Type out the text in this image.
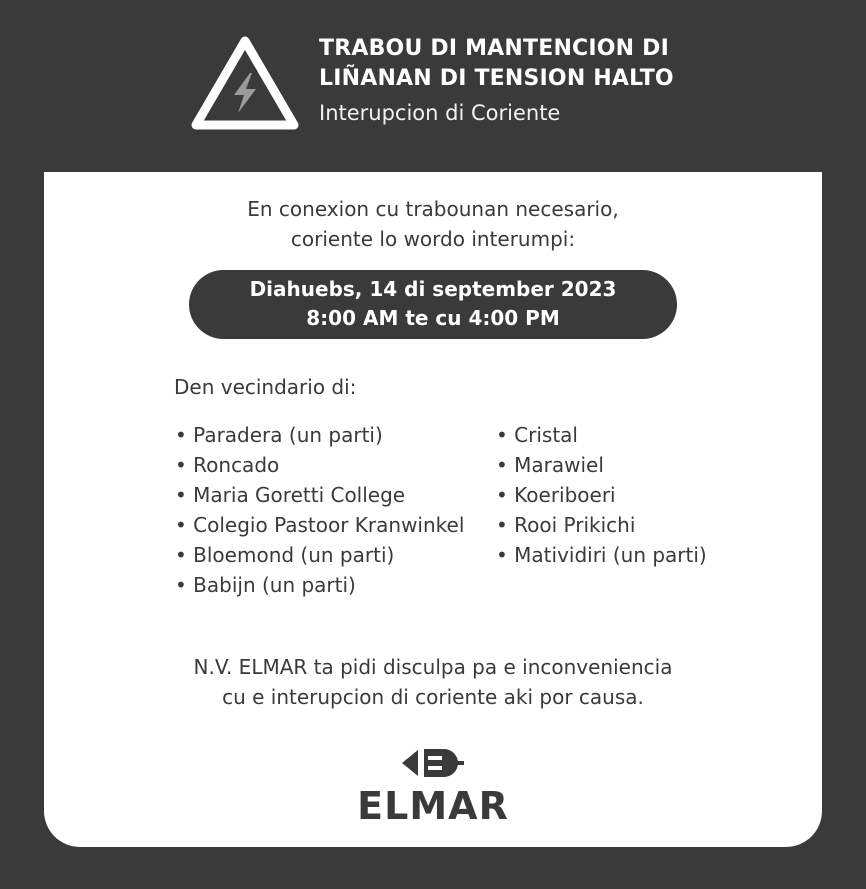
TRABOU DI MANTENCION DI
LIÑANAN DI TENSION HALTO
Interupcion di Coriente
En conexion cu trabounan necesario,
coriente lo wordo interumpi:
Diahuebs, 14 di september 2023
8:00 AM te cu 4:00 PM
Den vecindario di:
• Paradera (un parti)
• Roncado
• Maria Goretti College
• Colegio Pastoor Kranwinkel
• Bloemond (un parti)
• Babijn (un parti)
• Cristal
• Marawiel
• Koeriboeri
• Rooi Prikichi
• Matividiri (un parti)
N.V. ELMAR ta pidi disculpa pa e inconveniencia
cu e interupcion di coriente aki por causa.
ELMAR
